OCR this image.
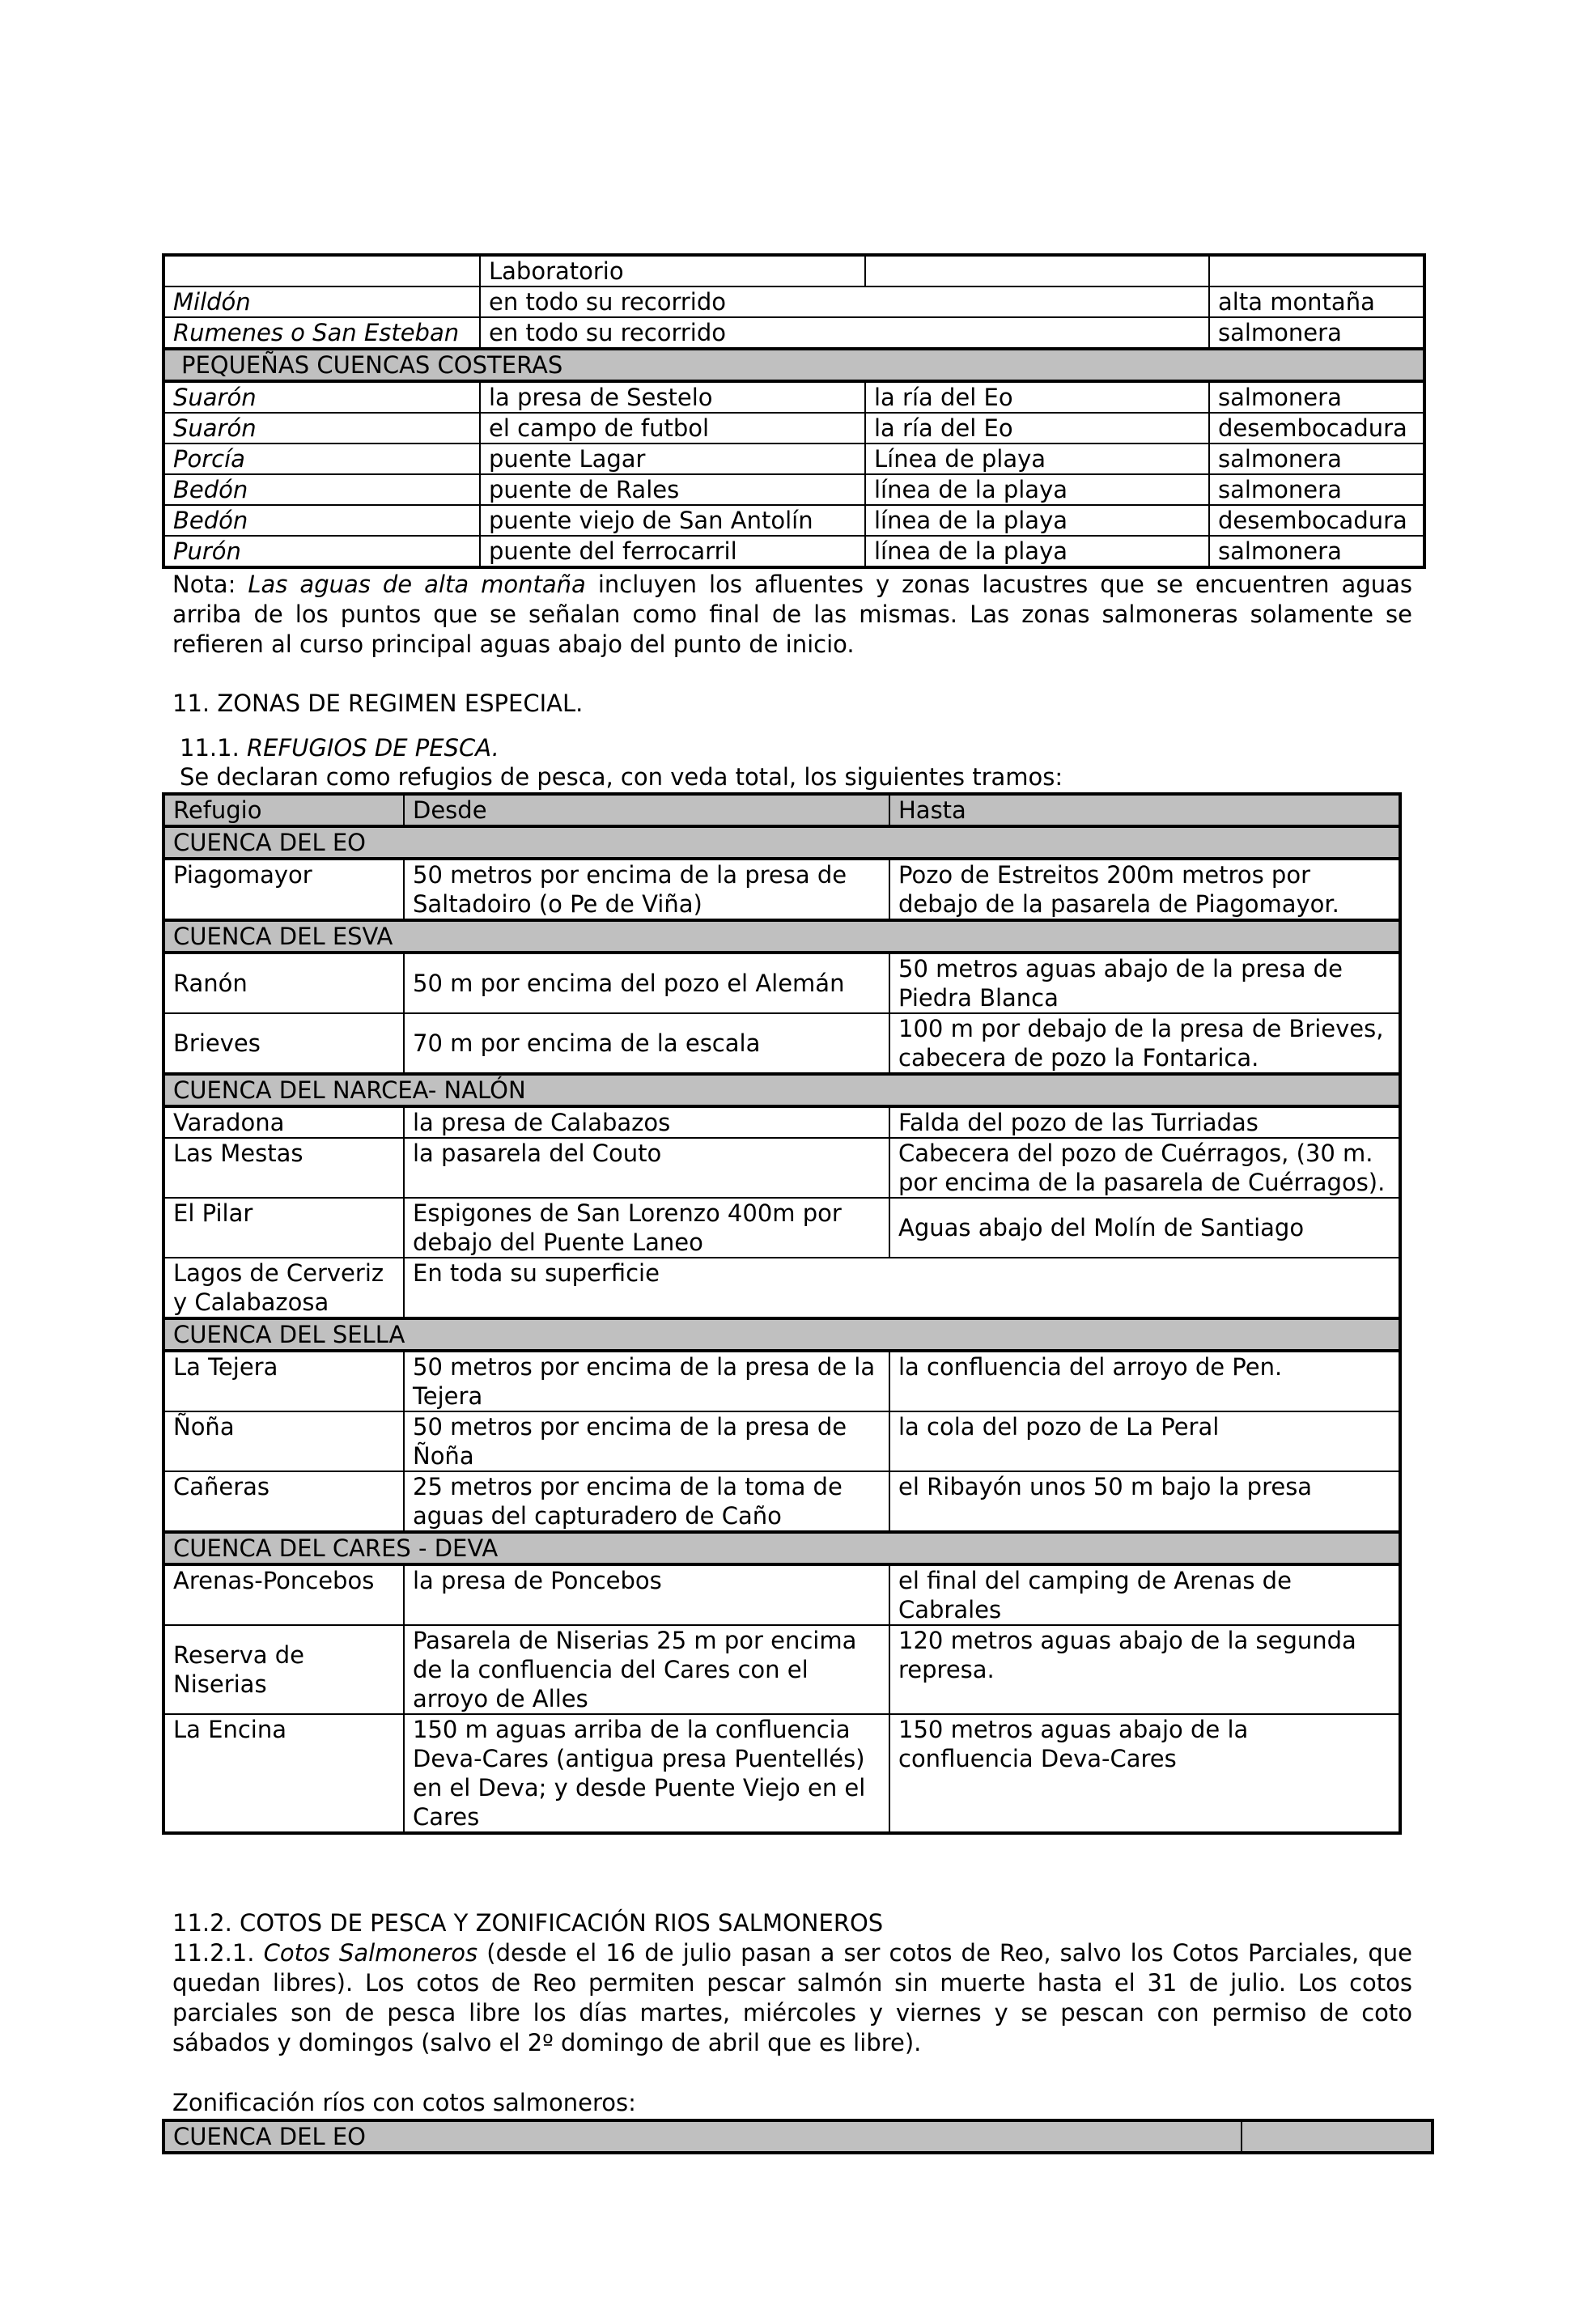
	Laboratorio		
Mildón	en todo su recorrido		alta montaña
Rumenes o San Esteban	en todo su recorrido		salmonera
PEQUEÑAS CUENCAS COSTERAS			
Suarón	la presa de Sestelo	la ría del Eo	salmonera
Suarón	el campo de futbol	la ría del Eo	desembocadura
Porcía	puente Lagar	Línea de playa	salmonera
Bedón	puente de Rales	línea de la playa	salmonera
Bedón	puente viejo de San Antolín	línea de la playa	desembocadura
Purón	puente del ferrocarril	línea de la playa	salmonera
Nota: Las aguas de alta montaña incluyen los afluentes y zonas lacustres que se encuentren aguas arriba de los puntos que se señalan como final de las mismas. Las zonas salmoneras solamente se refieren al curso principal aguas abajo del punto de inicio.
11. ZONAS DE REGIMEN ESPECIAL.
11.1. REFUGIOS DE PESCA.
Se declaran como refugios de pesca, con veda total, los siguientes tramos:
Refugio	Desde	Hasta
CUENCA DEL EO		
Piagomayor	50 metros por encima de la presa de Saltadoiro (o Pe de Viña)	Pozo de Estreitos 200m metros por debajo de la pasarela de Piagomayor.
CUENCA DEL ESVA		
Ranón	50 m por encima del pozo el Alemán	50 metros aguas abajo de la presa de Piedra Blanca
Brieves	70 m por encima de la escala	100 m por debajo de la presa de Brieves, cabecera de pozo la Fontarica.
CUENCA DEL NARCEA- NALÓN		
Varadona	la presa de Calabazos	Falda del pozo de las Turriadas
Las Mestas	la pasarela del Couto	Cabecera del pozo de Cuérragos, (30 m. por encima de la pasarela de Cuérragos).
El Pilar	Espigones de San Lorenzo 400m por debajo del Puente Laneo	Aguas abajo del Molín de Santiago
Lagos de Cerveriz y Calabazosa	En toda su superficie	
CUENCA DEL SELLA		
La Tejera	50 metros por encima de la presa de la Tejera	la confluencia del arroyo de Pen.
Ñoña	50 metros por encima de la presa de Ñoña	la cola del pozo de La Peral
Cañeras	25 metros por encima de la toma de aguas del capturadero de Caño	el Ribayón unos 50 m bajo la presa
CUENCA DEL CARES - DEVA		
Arenas-Poncebos	la presa de Poncebos	el final del camping de Arenas de Cabrales
Reserva de Niserias	Pasarela de Niserias 25 m por encima de la confluencia del Cares con el arroyo de Alles	120 metros aguas abajo de la segunda represa.
La Encina	150 m aguas arriba de la confluencia Deva-Cares (antigua presa Puentellés) en el Deva; y desde Puente Viejo en el Cares	150 metros aguas abajo de la confluencia Deva-Cares
11.2. COTOS DE PESCA Y ZONIFICACIÓN RIOS SALMONEROS
11.2.1. Cotos Salmoneros (desde el 16 de julio pasan a ser cotos de Reo, salvo los Cotos Parciales, que quedan libres). Los cotos de Reo permiten pescar salmón sin muerte hasta el 31 de julio. Los cotos parciales son de pesca libre los días martes, miércoles y viernes y se pescan con permiso de coto sábados y domingos (salvo el 2º domingo de abril que es libre).
Zonificación ríos con cotos salmoneros:
CUENCA DEL EO	
